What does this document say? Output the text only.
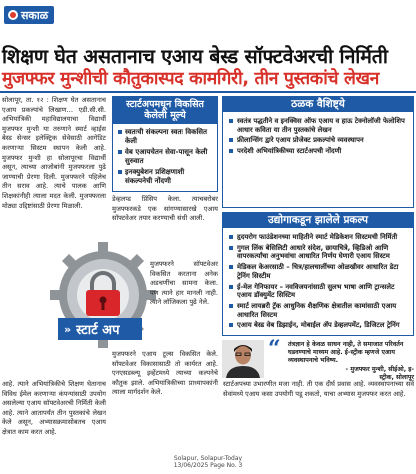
सकाळ
शिक्षण घेत असतानाच एआय बेस्ड सॉफ्टवेअरची निर्मिती
मुजफ्फर मुन्शीची कौतुकास्पद कामगिरी, तीन पुस्तकांचे लेखन
सोलापूर, ता. १२ : शिक्षण घेत असतानाच एआय प्रकल्पांचे लिखाण… एडी.सी.सी. अभियांत्रिकी महाविद्यालयाचा विद्यार्थी मुजफ्फर मुन्शी या तरुणाने स्मार्ट व्हाईस बेस्ड सेन्सर इलेक्ट्रिक सेवेसाठी आगेडिट करणाऱ्या सिस्टम स्थापन केली आहे. मुजफ्फर मुन्शी हा सोलापूरचा विद्यार्थी असून, त्याच्या आजोबांनी मुजफ्फरला पुढे जाण्याची प्रेरणा दिली. मुजफ्फरने पहिलेच तीन सराव आहे. त्याचे पालक आणि शिक्षकांनीही त्याला मदत केली. मुजफ्फरला मोठ्या उद्दिष्टांसाठी प्रेरणा मिळाली.
स्टार्टअपमधून विकसित केलेली मूल्ये
स्वतःची संकल्पना स्वतः विकसित केली
वेब एआयचेतन सेवा-पासून केली सुरुवात
इनक्युबेशन प्रशिक्षणाशी संकल्पनेची नोंदणी
डेव्हलप्ड प्रिंसिप केला. त्याचबरोबर मुजफ्फरकडे एक सांगण्यासारखे एआय सॉफ्टवेअर तयार करण्याची संधी आली.
मुजफ्फरने सॉफ्टवेअर विकसित करताना अनेक अडचणींचा सामना केला. पण त्याने हार मानली नाही. त्याने लॉजिकला पुढे नेले.
» स्टार्ट अप
आहे. त्याने अभियांत्रिकीचे शिक्षण घेतानाच विविध ईमेल करणाऱ्या कंपन्यांसाठी उपयोग असलेल्या एआय सॉफ्टवेअरची निर्मिती केली आहे. त्याने आतापर्यंत तीन पुस्तकांचे लेखन केले असून, अभ्यासक्रमासोबतच एआय क्षेत्रात काम करत आहे.
मुजफ्फरने एआय टूल्स विकसित केले. सॉफ्टवेअर विकासासाठी तो कार्यरत आहे. एनएसडब्ल्यू इव्हेंटमध्ये त्याच्या कल्पनेचे कौतुक झाले. अभियांत्रिकीच्या प्राध्यापकांनी त्याला मार्गदर्शन केले.
ठळक वैशिष्ट्ये
स्वतंत्र पद्धतीने व इनक्विस ऑफ एआय व हाऊ टेक्नोलॉजी फेलोशिप आधार कविता या तीन पुस्तकांचे लेखन
फ्रीलान्सिंग द्वारे एआय प्रोजेक्ट प्रकल्पांचे व्यवस्थापन
परदेशी अभियांत्रिकीच्या स्टार्टअपची नोंदणी
उद्योगाकडून झालेले प्रकल्प
हृदयरोग फाउंडेशनच्या माहितीने स्मार्ट मेडिकेशन सिस्टमची निर्मिती
गुगल लिंक बेसिलिटी आधारे संदेश, छायाचित्रे, व्हिडिओ आणि वापरकर्त्यांचा अनुभवांचा आधारित निर्णय घेणारी एआय सिस्टम
मेडिकल केअरसाठी – चित्र/हालचालींच्या ओळखीवर आधारित डेटा ट्रेनिंग सिस्टीम
ई-मेल गेनिफायर – नवविजयनांसाठी सुलभ भाषा आणि ट्रान्सलेट एआय डॉक्युमेंट सिस्टिम
स्मार्ट लायब्ररी ट्रॅक आधुनिक शैक्षणिक क्षेत्रातील कामांसाठी एआय आधारित सिस्टम
एआय बेस्ड वेब डिझाईन, मोबाईल ॲप डेव्हलपमेंट, डिजिटल ट्रेनिंग
“ तंत्रज्ञान हे केवळ साधन नाही, ते समाजात परिवर्तन घडवण्याचे माध्यम आहे. ई-स्ट्रीक म्हणजे एआय व्यवस्थापनाचे भविष्य.
- मुजफ्फर मुन्शी, सीईओ, इ-स्ट्रीक, सोलापूर
स्टार्टअपच्या उभारणीत मजा नाही. ती एक दीर्घ प्रवास आहे. व्यवस्थापनाच्या सर्व सेवांमध्ये एआय कसा उपयोगी पडू शकतो, याचा अभ्यास मुजफ्फर करत आहे.
Solapur, Solapur-Today
13/06/2025 Page No. 3
